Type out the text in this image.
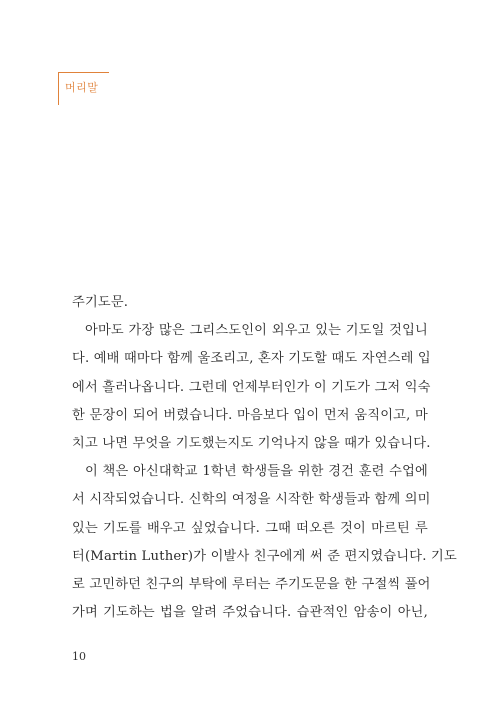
머리말
주기도문.
아마도 가장 많은 그리스도인이 외우고 있는 기도일 것입니
다. 예배 때마다 함께 울조리고, 혼자 기도할 때도 자연스레 입
에서 흘러나옵니다. 그런데 언제부터인가 이 기도가 그저 익숙
한 문장이 되어 버렸습니다. 마음보다 입이 먼저 움직이고, 마
치고 나면 무엇을 기도했는지도 기억나지 않을 때가 있습니다.
이 책은 아신대학교 1학년 학생들을 위한 경건 훈련 수업에
서 시작되었습니다. 신학의 여정을 시작한 학생들과 함께 의미
있는 기도를 배우고 싶었습니다. 그때 떠오른 것이 마르틴 루
터(Martin Luther)가 이발사 친구에게 써 준 편지였습니다. 기도
로 고민하던 친구의 부탁에 루터는 주기도문을 한 구절씩 풀어
가며 기도하는 법을 알려 주었습니다. 습관적인 암송이 아닌,
10
